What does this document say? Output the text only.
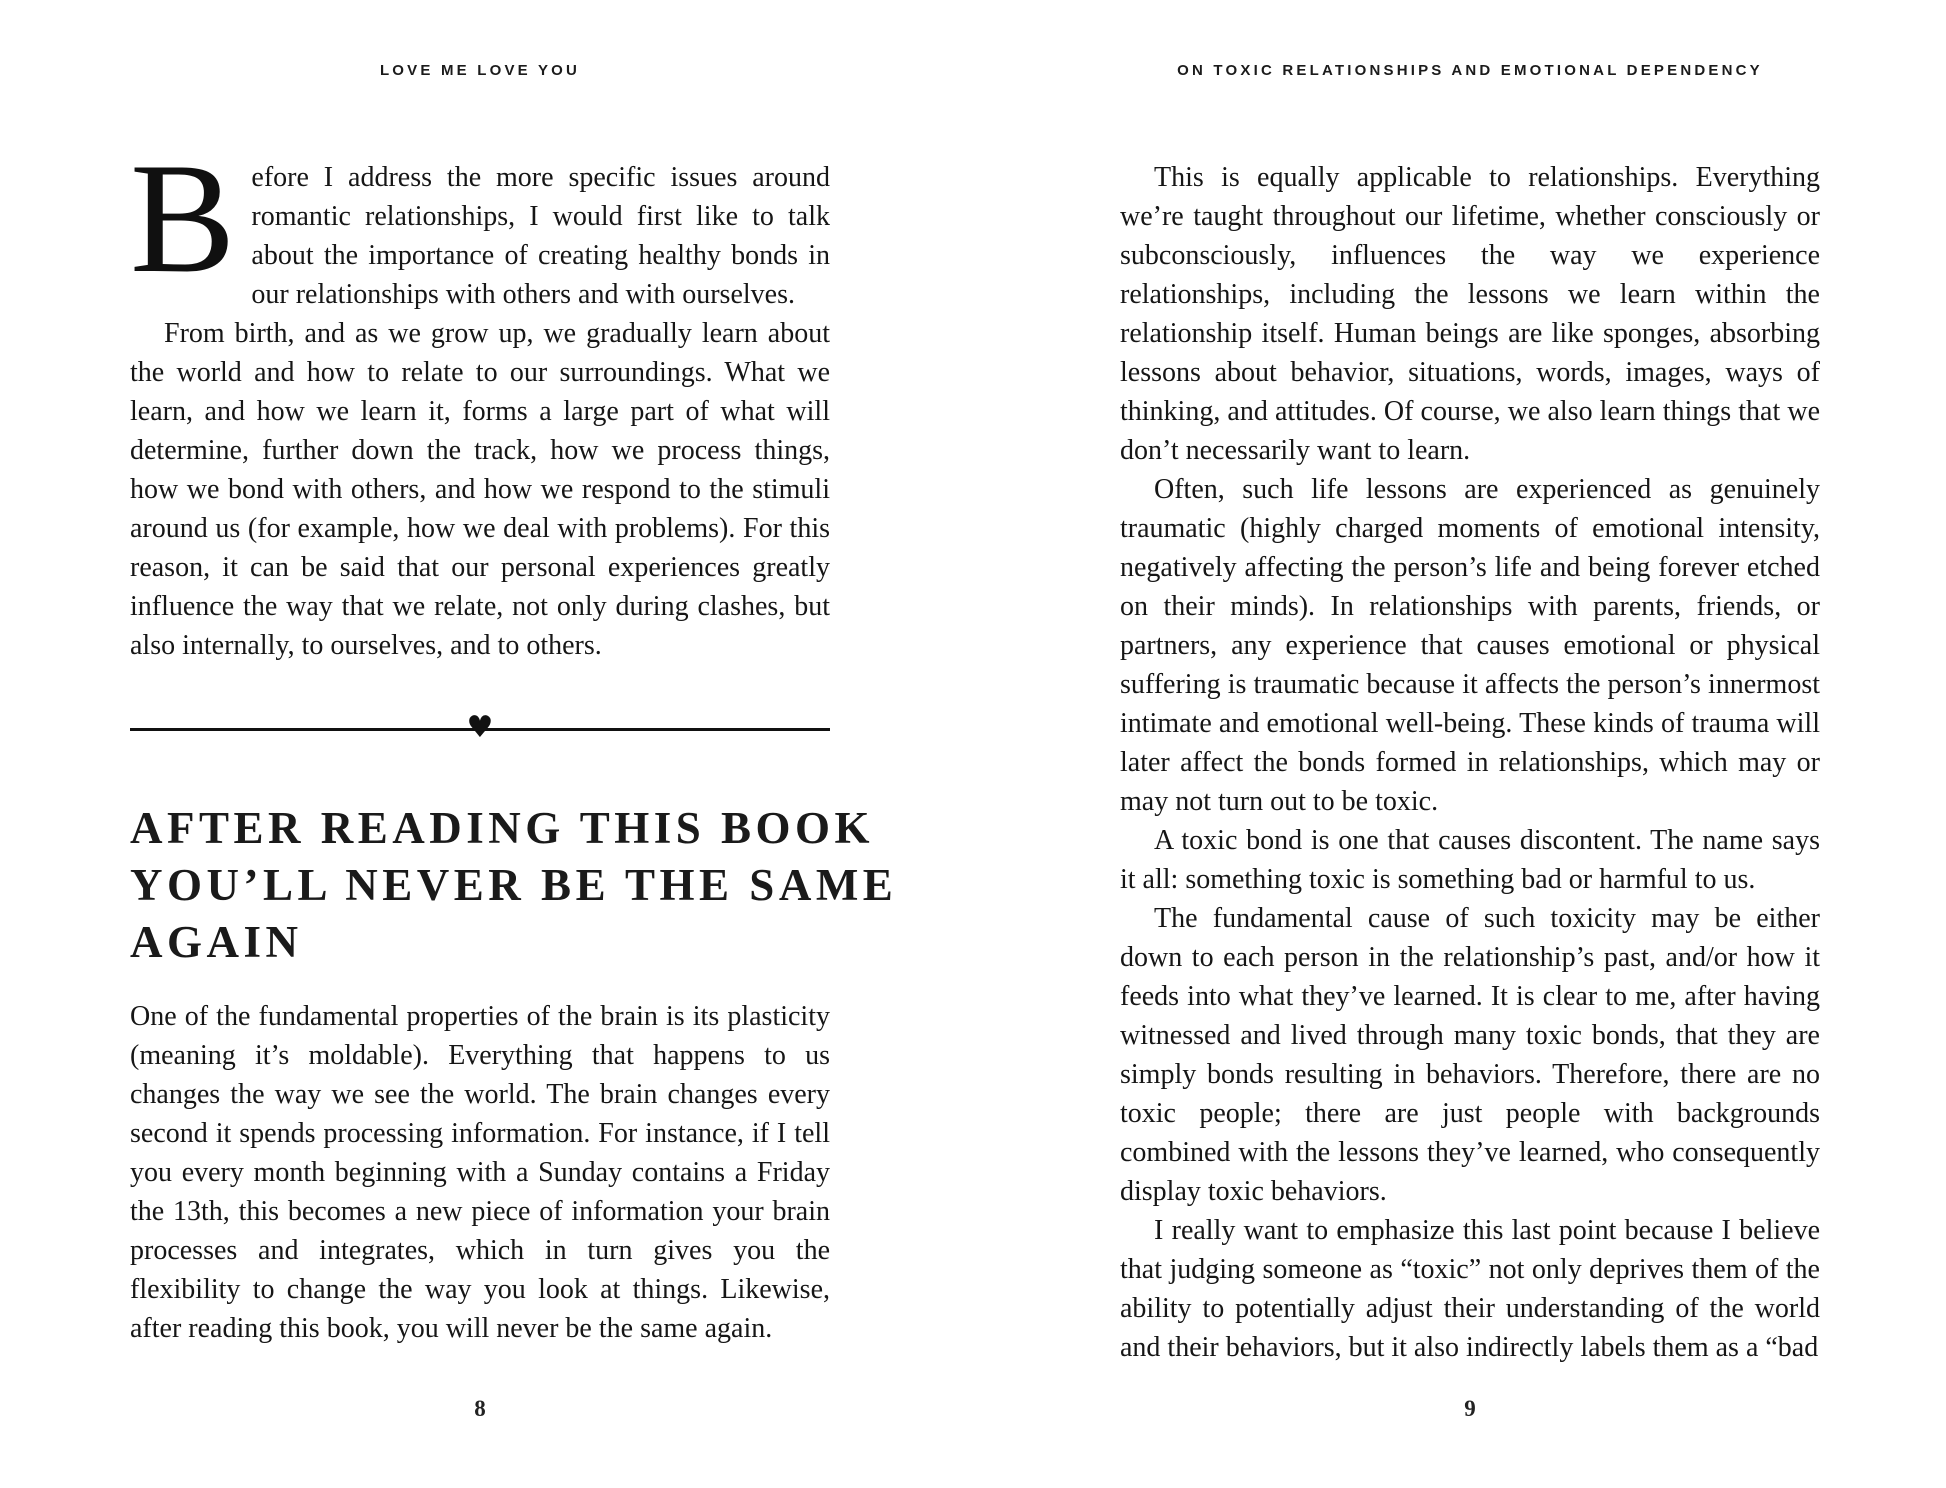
LOVE ME LOVE YOU

Before I address the more specific issues around romantic relationships, I would first like to talk about the importance of creating healthy bonds in our relationships with others and with ourselves.

From birth, and as we grow up, we gradually learn about the world and how to relate to our surroundings. What we learn, and how we learn it, forms a large part of what will determine, further down the track, how we process things, how we bond with others, and how we respond to the stimuli around us (for example, how we deal with problems). For this reason, it can be said that our personal experiences greatly influence the way that we relate, not only during clashes, but also internally, to ourselves, and to others.

♥
AFTER READING THIS BOOK
YOU’LL NEVER BE THE SAME
AGAIN

One of the fundamental properties of the brain is its plasticity (meaning it’s moldable). Everything that happens to us changes the way we see the world. The brain changes every second it spends processing information. For instance, if I tell you every month beginning with a Sunday contains a Friday the 13th, this becomes a new piece of information your brain processes and integrates, which in turn gives you the flexibility to change the way you look at things. Likewise, after reading this book, you will never be the same again.

8
ON TOXIC RELATIONSHIPS AND EMOTIONAL DEPENDENCY

This is equally applicable to relationships. Everything we’re taught throughout our lifetime, whether consciously or subconsciously, influences the way we experience relationships, including the lessons we learn within the relationship itself. Human beings are like sponges, absorbing lessons about behavior, situations, words, images, ways of thinking, and attitudes. Of course, we also learn things that we don’t necessarily want to learn.

Often, such life lessons are experienced as genuinely traumatic (highly charged moments of emotional intensity, negatively affecting the person’s life and being forever etched on their minds). In relationships with parents, friends, or partners, any experience that causes emotional or physical suffering is traumatic because it affects the person’s innermost intimate and emotional well-being. These kinds of trauma will later affect the bonds formed in relationships, which may or may not turn out to be toxic.

A toxic bond is one that causes discontent. The name says it all: something toxic is something bad or harmful to us.

The fundamental cause of such toxicity may be either down to each person in the relationship’s past, and/or how it feeds into what they’ve learned. It is clear to me, after having witnessed and lived through many toxic bonds, that they are simply bonds resulting in behaviors. Therefore, there are no toxic people; there are just people with backgrounds combined with the lessons they’ve learned, who consequently display toxic behaviors.

I really want to emphasize this last point because I believe that judging someone as “toxic” not only deprives them of the ability to potentially adjust their understanding of the world and their behaviors, but it also indirectly labels them as a “bad

9
